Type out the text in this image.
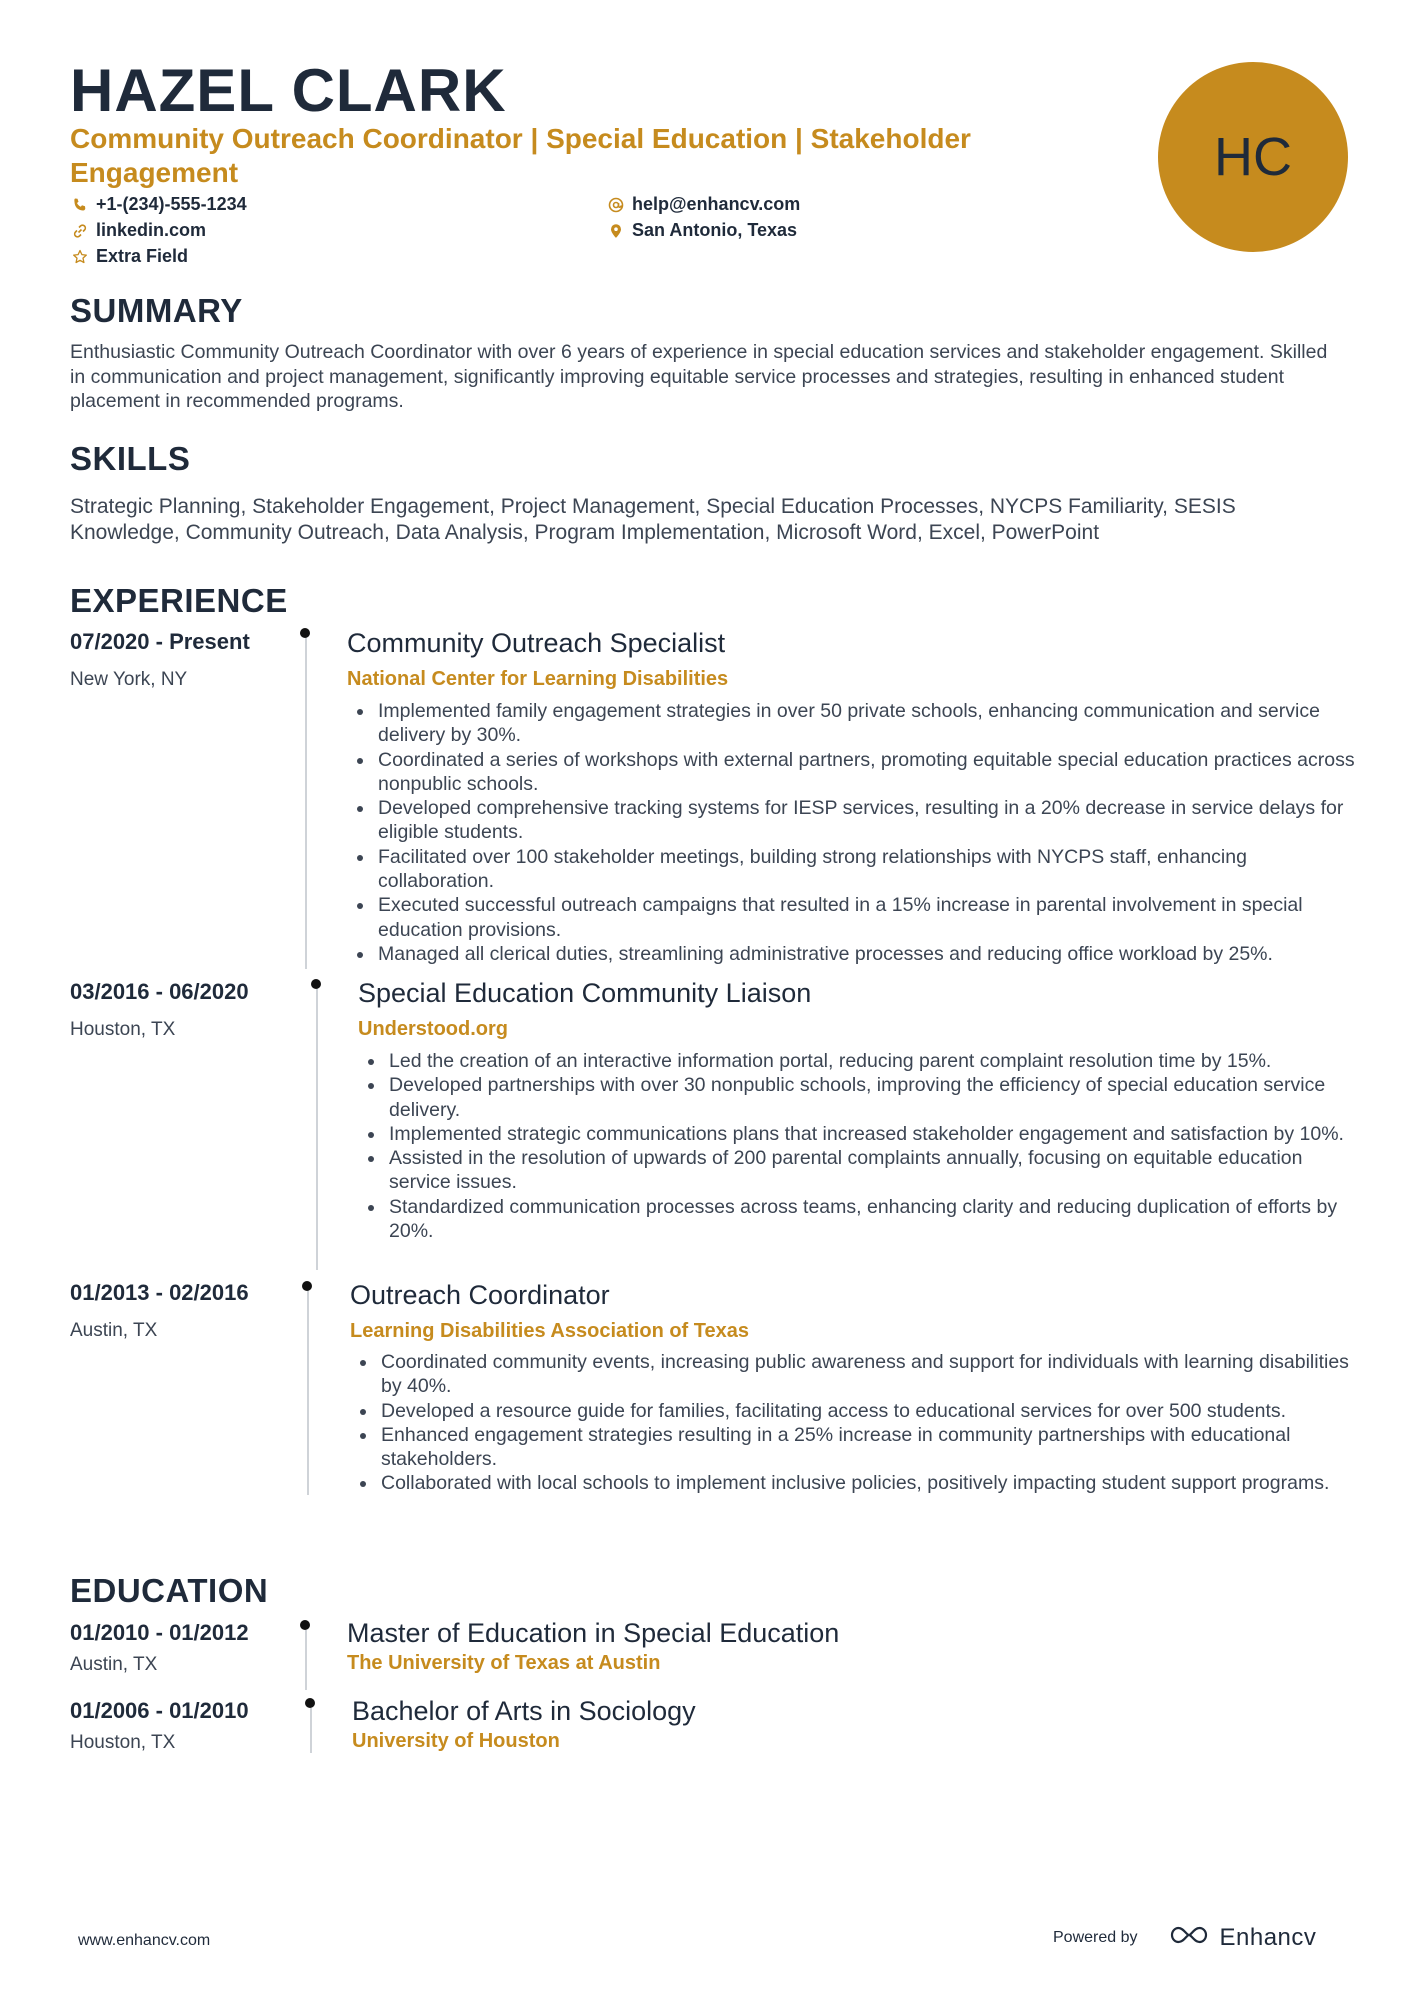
HAZEL CLARK

Community Outreach Coordinator | Special Education | Stakeholder Engagement	HC
+1-(234)-555-1234	help@enhancv.com
linkedin.com	San Antonio, Texas
Extra Field
SUMMARY

Enthusiastic Community Outreach Coordinator with over 6 years of experience in special education services and stakeholder engagement. Skilled in communication and project management, significantly improving equitable service processes and strategies, resulting in enhanced student placement in recommended programs.

SKILLS

Strategic Planning, Stakeholder Engagement, Project Management, Special Education Processes, NYCPS Familiarity, SESIS Knowledge, Community Outreach, Data Analysis, Program Implementation, Microsoft Word, Excel, PowerPoint

EXPERIENCE
07/2020 - Present
New York, NY
Community Outreach Specialist
National Center for Learning Disabilities
• Implemented family engagement strategies in over 50 private schools, enhancing communication and service delivery by 30%.
• Coordinated a series of workshops with external partners, promoting equitable special education practices across nonpublic schools.
• Developed comprehensive tracking systems for IESP services, resulting in a 20% decrease in service delays for eligible students.
• Facilitated over 100 stakeholder meetings, building strong relationships with NYCPS staff, enhancing collaboration.
• Executed successful outreach campaigns that resulted in a 15% increase in parental involvement in special education provisions.
• Managed all clerical duties, streamlining administrative processes and reducing office workload by 25%.
03/2016 - 06/2020
Houston, TX
Special Education Community Liaison
Understood.org
• Led the creation of an interactive information portal, reducing parent complaint resolution time by 15%.
• Developed partnerships with over 30 nonpublic schools, improving the efficiency of special education service delivery.
• Implemented strategic communications plans that increased stakeholder engagement and satisfaction by 10%.
• Assisted in the resolution of upwards of 200 parental complaints annually, focusing on equitable education service issues.
• Standardized communication processes across teams, enhancing clarity and reducing duplication of efforts by 20%.
01/2013 - 02/2016
Austin, TX
Outreach Coordinator
Learning Disabilities Association of Texas
• Coordinated community events, increasing public awareness and support for individuals with learning disabilities by 40%.
• Developed a resource guide for families, facilitating access to educational services for over 500 students.
• Enhanced engagement strategies resulting in a 25% increase in community partnerships with educational stakeholders.
• Collaborated with local schools to implement inclusive policies, positively impacting student support programs.
EDUCATION
01/2010 - 01/2012
Austin, TX
Master of Education in Special Education
The University of Texas at Austin
01/2006 - 01/2010
Houston, TX
Bachelor of Arts in Sociology
University of Houston
www.enhancv.com	Powered by	Enhancv
